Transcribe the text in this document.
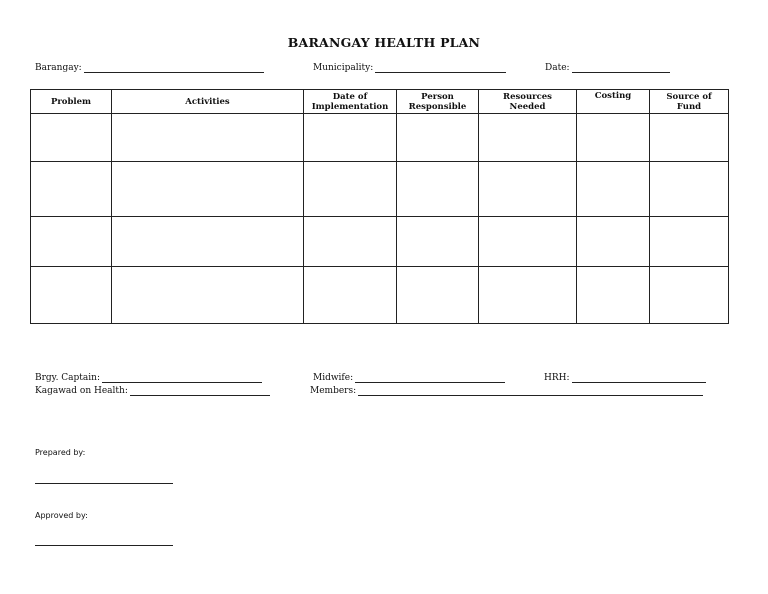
BARANGAY HEALTH PLAN
Barangay:	Municipality:	Date:
Problem	Activities	Date of Implementation	Person Responsible	Resources Needed	Costing	Source of Fund

Brgy. Captain:	Midwife:	HRH:
Kagawad on Health:	Members:
Prepared by:
Approved by:
